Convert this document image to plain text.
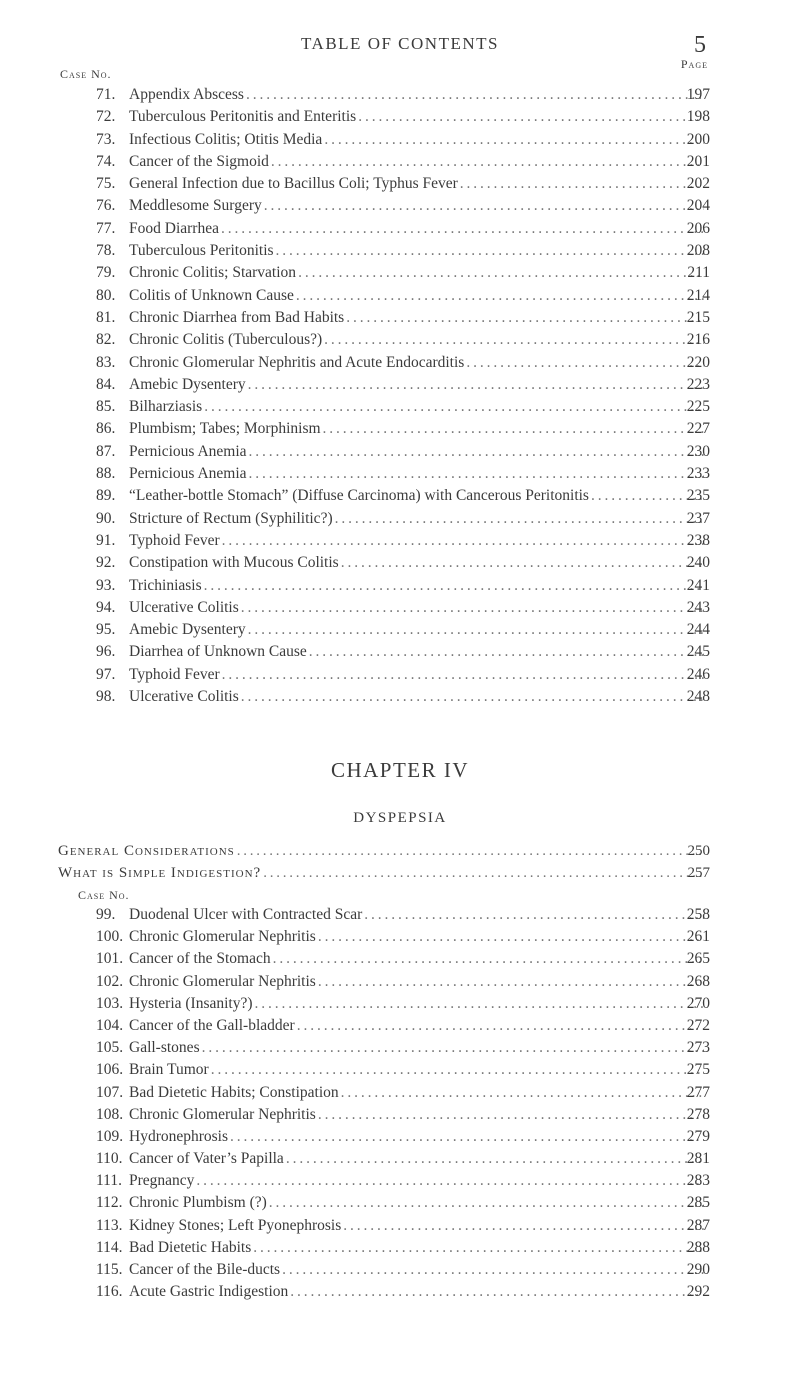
TABLE OF CONTENTS	5
Case No.
Page
71. Appendix Abscess . . .	197
72. Tuberculous Peritonitis and Enteritis . . .	198
73. Infectious Colitis; Otitis Media . . .	200
74. Cancer of the Sigmoid . . .	201
75. General Infection due to Bacillus Coli; Typhus Fever . . .	202
76. Meddlesome Surgery . . .	204
77. Food Diarrhea . . .	206
78. Tuberculous Peritonitis . . .	208
79. Chronic Colitis; Starvation . . .	211
80. Colitis of Unknown Cause . . .	214
81. Chronic Diarrhea from Bad Habits . . .	215
82. Chronic Colitis (Tuberculous?) . . .	216
83. Chronic Glomerular Nephritis and Acute Endocarditis . . .	220
84. Amebic Dysentery . . .	223
85. Bilharziasis . . .	225
86. Plumbism; Tabes; Morphinism . . .	227
87. Pernicious Anemia . . .	230
88. Pernicious Anemia . . .	233
89. “Leather-bottle Stomach” (Diffuse Carcinoma) with Cancerous Peritonitis . . .	235
90. Stricture of Rectum (Syphilitic?) . . .	237
91. Typhoid Fever . . .	238
92. Constipation with Mucous Colitis . . .	240
93. Trichiniasis . . .	241
94. Ulcerative Colitis . . .	243
95. Amebic Dysentery . . .	244
96. Diarrhea of Unknown Cause . . .	245
97. Typhoid Fever . . .	246
98. Ulcerative Colitis . . .	248
CHAPTER IV
DYSPEPSIA
General Considerations . . .	250
What is Simple Indigestion? . . .	257
Case No.
99. Duodenal Ulcer with Contracted Scar . . .	258
100. Chronic Glomerular Nephritis . . .	261
101. Cancer of the Stomach . . .	265
102. Chronic Glomerular Nephritis . . .	268
103. Hysteria (Insanity?) . . .	270
104. Cancer of the Gall-bladder . . .	272
105. Gall-stones . . .	273
106. Brain Tumor . . .	275
107. Bad Dietetic Habits; Constipation . . .	277
108. Chronic Glomerular Nephritis . . .	278
109. Hydronephrosis . . .	279
110. Cancer of Vater’s Papilla . . .	281
111. Pregnancy . . .	283
112. Chronic Plumbism (?) . . .	285
113. Kidney Stones; Left Pyonephrosis . . .	287
114. Bad Dietetic Habits . . .	288
115. Cancer of the Bile-ducts . . .	290
116. Acute Gastric Indigestion . . .	292
